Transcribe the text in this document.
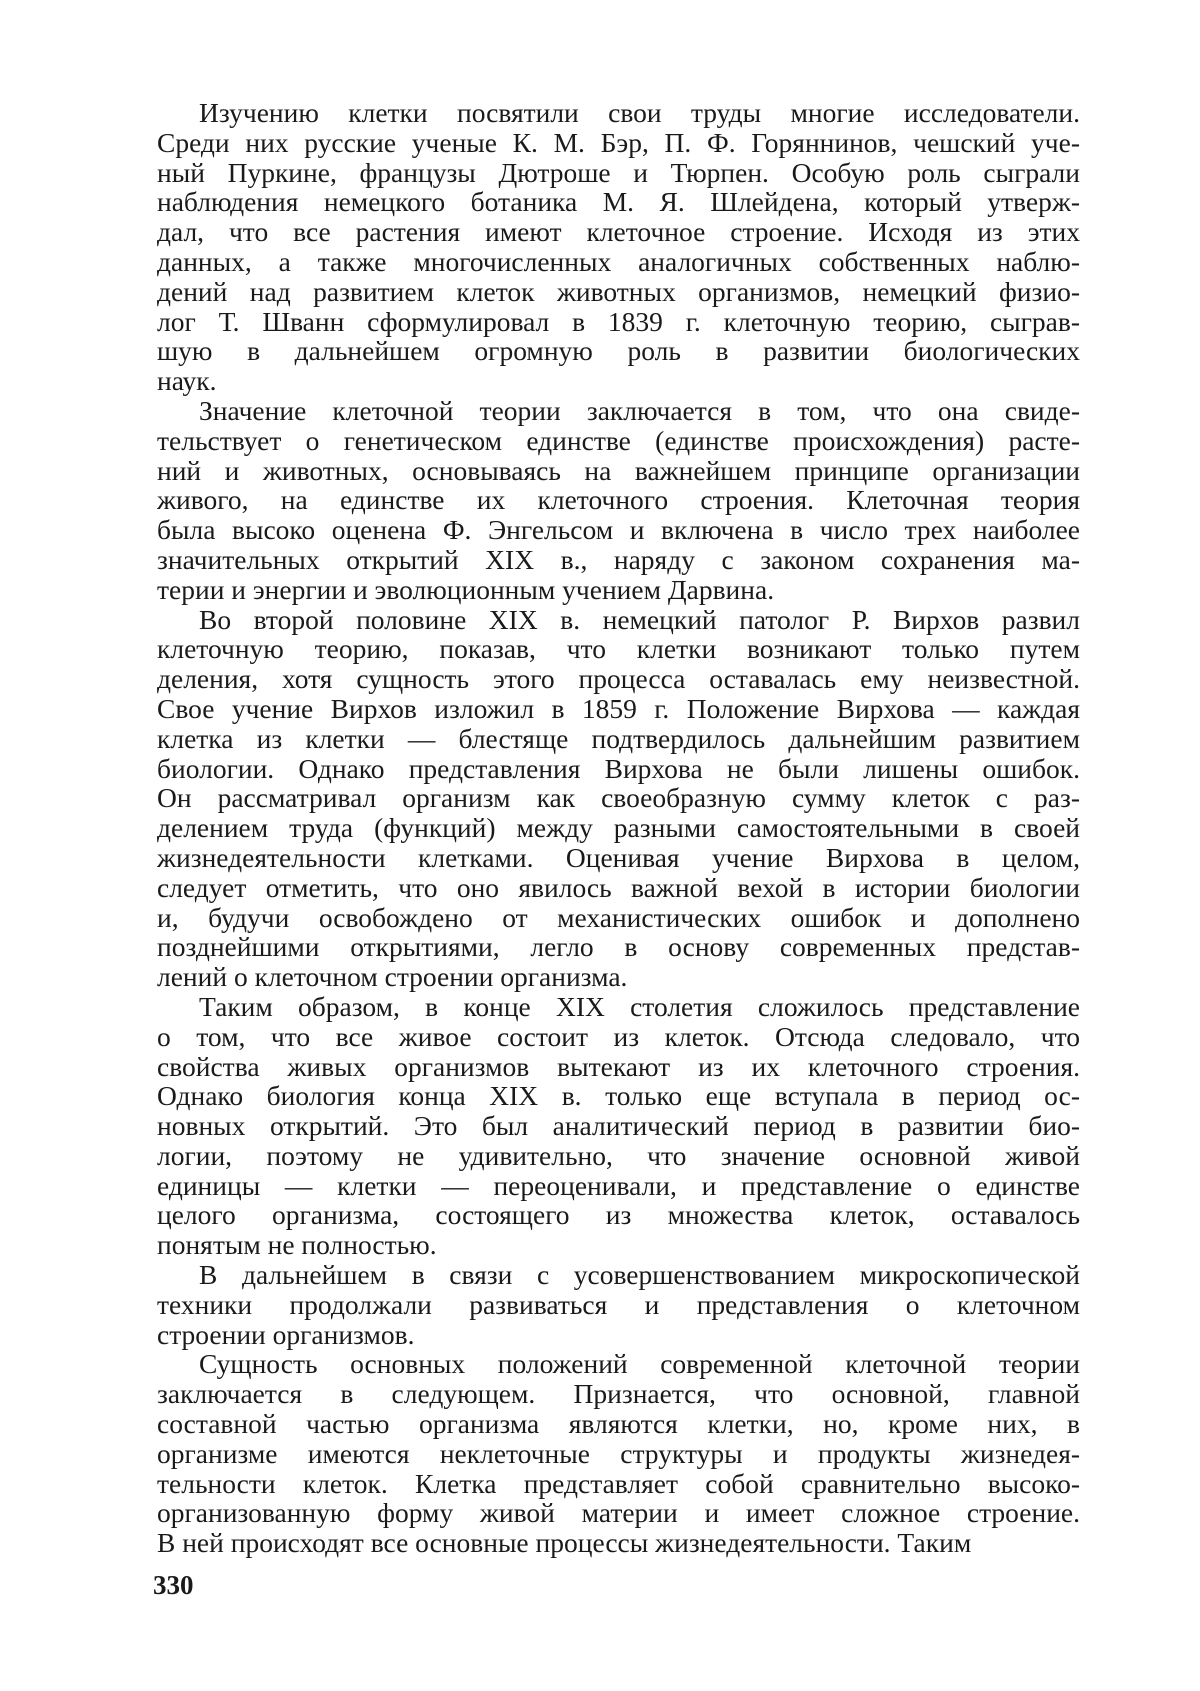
Изучению клетки посвятили свои труды многие исследователи.
Среди них русские ученые К. М. Бэр, П. Ф. Горяннинов, чешский уче-
ный Пуркине, французы Дютроше и Тюрпен. Особую роль сыграли
наблюдения немецкого ботаника М. Я. Шлейдена, который утверж-
дал, что все растения имеют клеточное строение. Исходя из этих
данных, а также многочисленных аналогичных собственных наблю-
дений над развитием клеток животных организмов, немецкий физио-
лог Т. Шванн сформулировал в 1839 г. клеточную теорию, сыграв-
шую в дальнейшем огромную роль в развитии биологических
наук.
Значение клеточной теории заключается в том, что она свиде-
тельствует о генетическом единстве (единстве происхождения) расте-
ний и животных, основываясь на важнейшем принципе организации
живого, на единстве их клеточного строения. Клеточная теория
была высоко оценена Ф. Энгельсом и включена в число трех наиболее
значительных открытий XIX в., наряду с законом сохранения ма-
терии и энергии и эволюционным учением Дарвина.
Во второй половине XIX в. немецкий патолог Р. Вирхов развил
клеточную теорию, показав, что клетки возникают только путем
деления, хотя сущность этого процесса оставалась ему неизвестной.
Свое учение Вирхов изложил в 1859 г. Положение Вирхова — каждая
клетка из клетки — блестяще подтвердилось дальнейшим развитием
биологии. Однако представления Вирхова не были лишены ошибок.
Он рассматривал организм как своеобразную сумму клеток с раз-
делением труда (функций) между разными самостоятельными в своей
жизнедеятельности клетками. Оценивая учение Вирхова в целом,
следует отметить, что оно явилось важной вехой в истории биологии
и, будучи освобождено от механистических ошибок и дополнено
позднейшими открытиями, легло в основу современных представ-
лений о клеточном строении организма.
Таким образом, в конце XIX столетия сложилось представление
о том, что все живое состоит из клеток. Отсюда следовало, что
свойства живых организмов вытекают из их клеточного строения.
Однако биология конца XIX в. только еще вступала в период ос-
новных открытий. Это был аналитический период в развитии био-
логии, поэтому не удивительно, что значение основной живой
единицы — клетки — переоценивали, и представление о единстве
целого организма, состоящего из множества клеток, оставалось
понятым не полностью.
В дальнейшем в связи с усовершенствованием микроскопической
техники продолжали развиваться и представления о клеточном
строении организмов.
Сущность основных положений современной клеточной теории
заключается в следующем. Признается, что основной, главной
составной частью организма являются клетки, но, кроме них, в
организме имеются неклеточные структуры и продукты жизнедея-
тельности клеток. Клетка представляет собой сравнительно высоко-
организованную форму живой материи и имеет сложное строение.
В ней происходят все основные процессы жизнедеятельности. Таким
330
